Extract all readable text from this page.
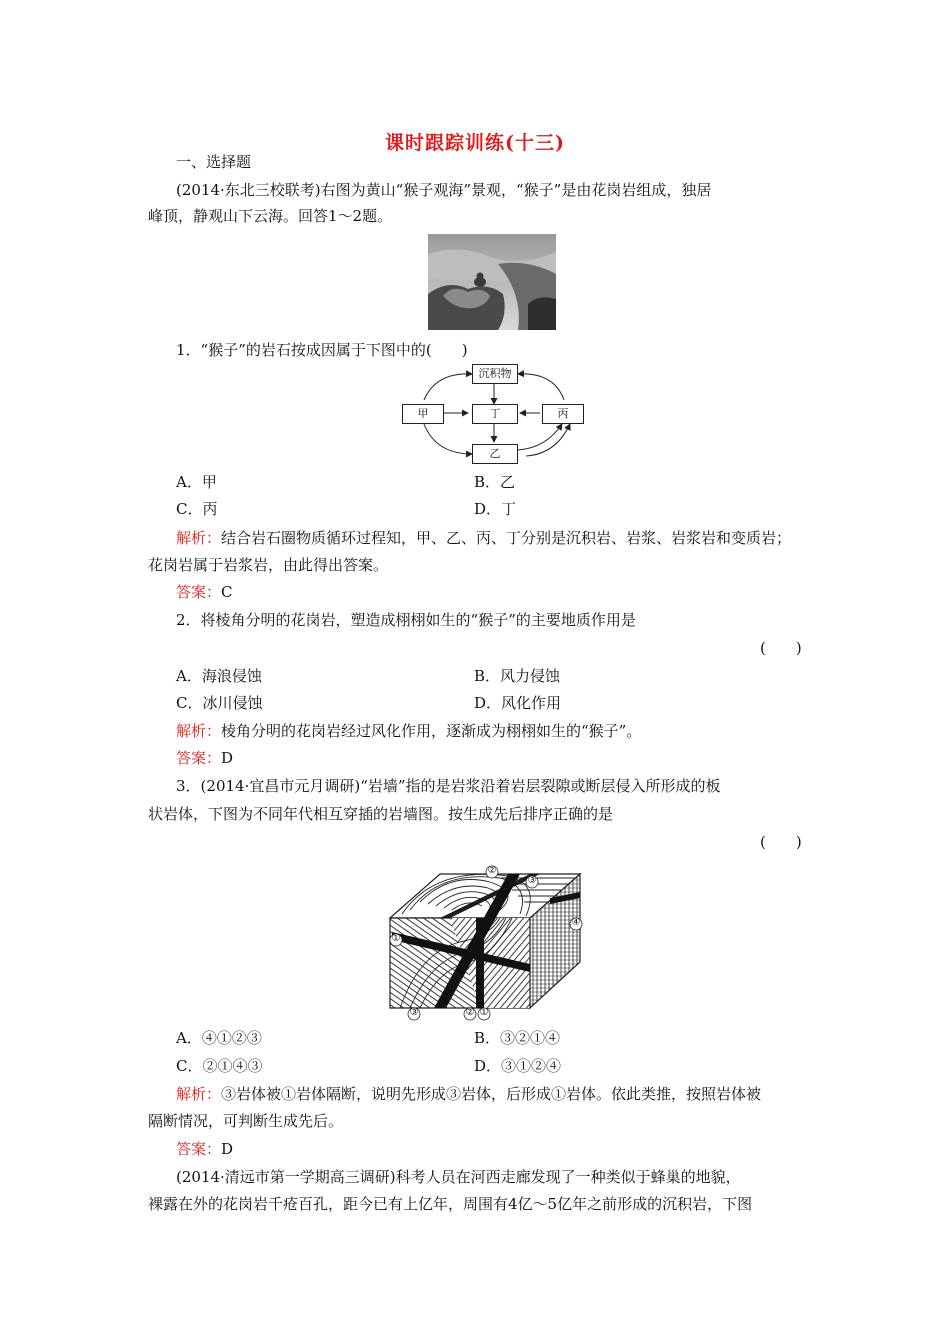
课时跟踪训练(十三)
一、选择题
(2014·东北三校联考)右图为黄山“猴子观海”景观，“猴子”是由花岗岩组成，独居
峰顶，静观山下云海。回答1～2题。
1．“猴子”的岩石按成因属于下图中的(　　)
沉积物
甲	丁	丙
乙
A．甲	B．乙
C．丙	D．丁
解析：结合岩石圈物质循环过程知，甲、乙、丙、丁分别是沉积岩、岩浆、岩浆岩和变质岩；
花岗岩属于岩浆岩，由此得出答案。
答案：C
2．将棱角分明的花岗岩，塑造成栩栩如生的“猴子”的主要地质作用是
(　　)
A．海浪侵蚀	B．风力侵蚀
C．冰川侵蚀	D．风化作用
解析：棱角分明的花岗岩经过风化作用，逐渐成为栩栩如生的“猴子”。
答案：D
3．(2014·宜昌市元月调研)“岩墙”指的是岩浆沿着岩层裂隙或断层侵入所形成的板
状岩体，下图为不同年代相互穿插的岩墙图。按生成先后排序正确的是
(　　)
②
③
①
④
③	② ①
A．④①②③	B．③②①④
C．②①④③	D．③①②④
解析：③岩体被①岩体隔断，说明先形成③岩体，后形成①岩体。依此类推，按照岩体被
隔断情况，可判断生成先后。
答案：D
(2014·清远市第一学期高三调研)科考人员在河西走廊发现了一种类似于蜂巢的地貌，
裸露在外的花岗岩千疮百孔，距今已有上亿年，周围有4亿～5亿年之前形成的沉积岩，下图
